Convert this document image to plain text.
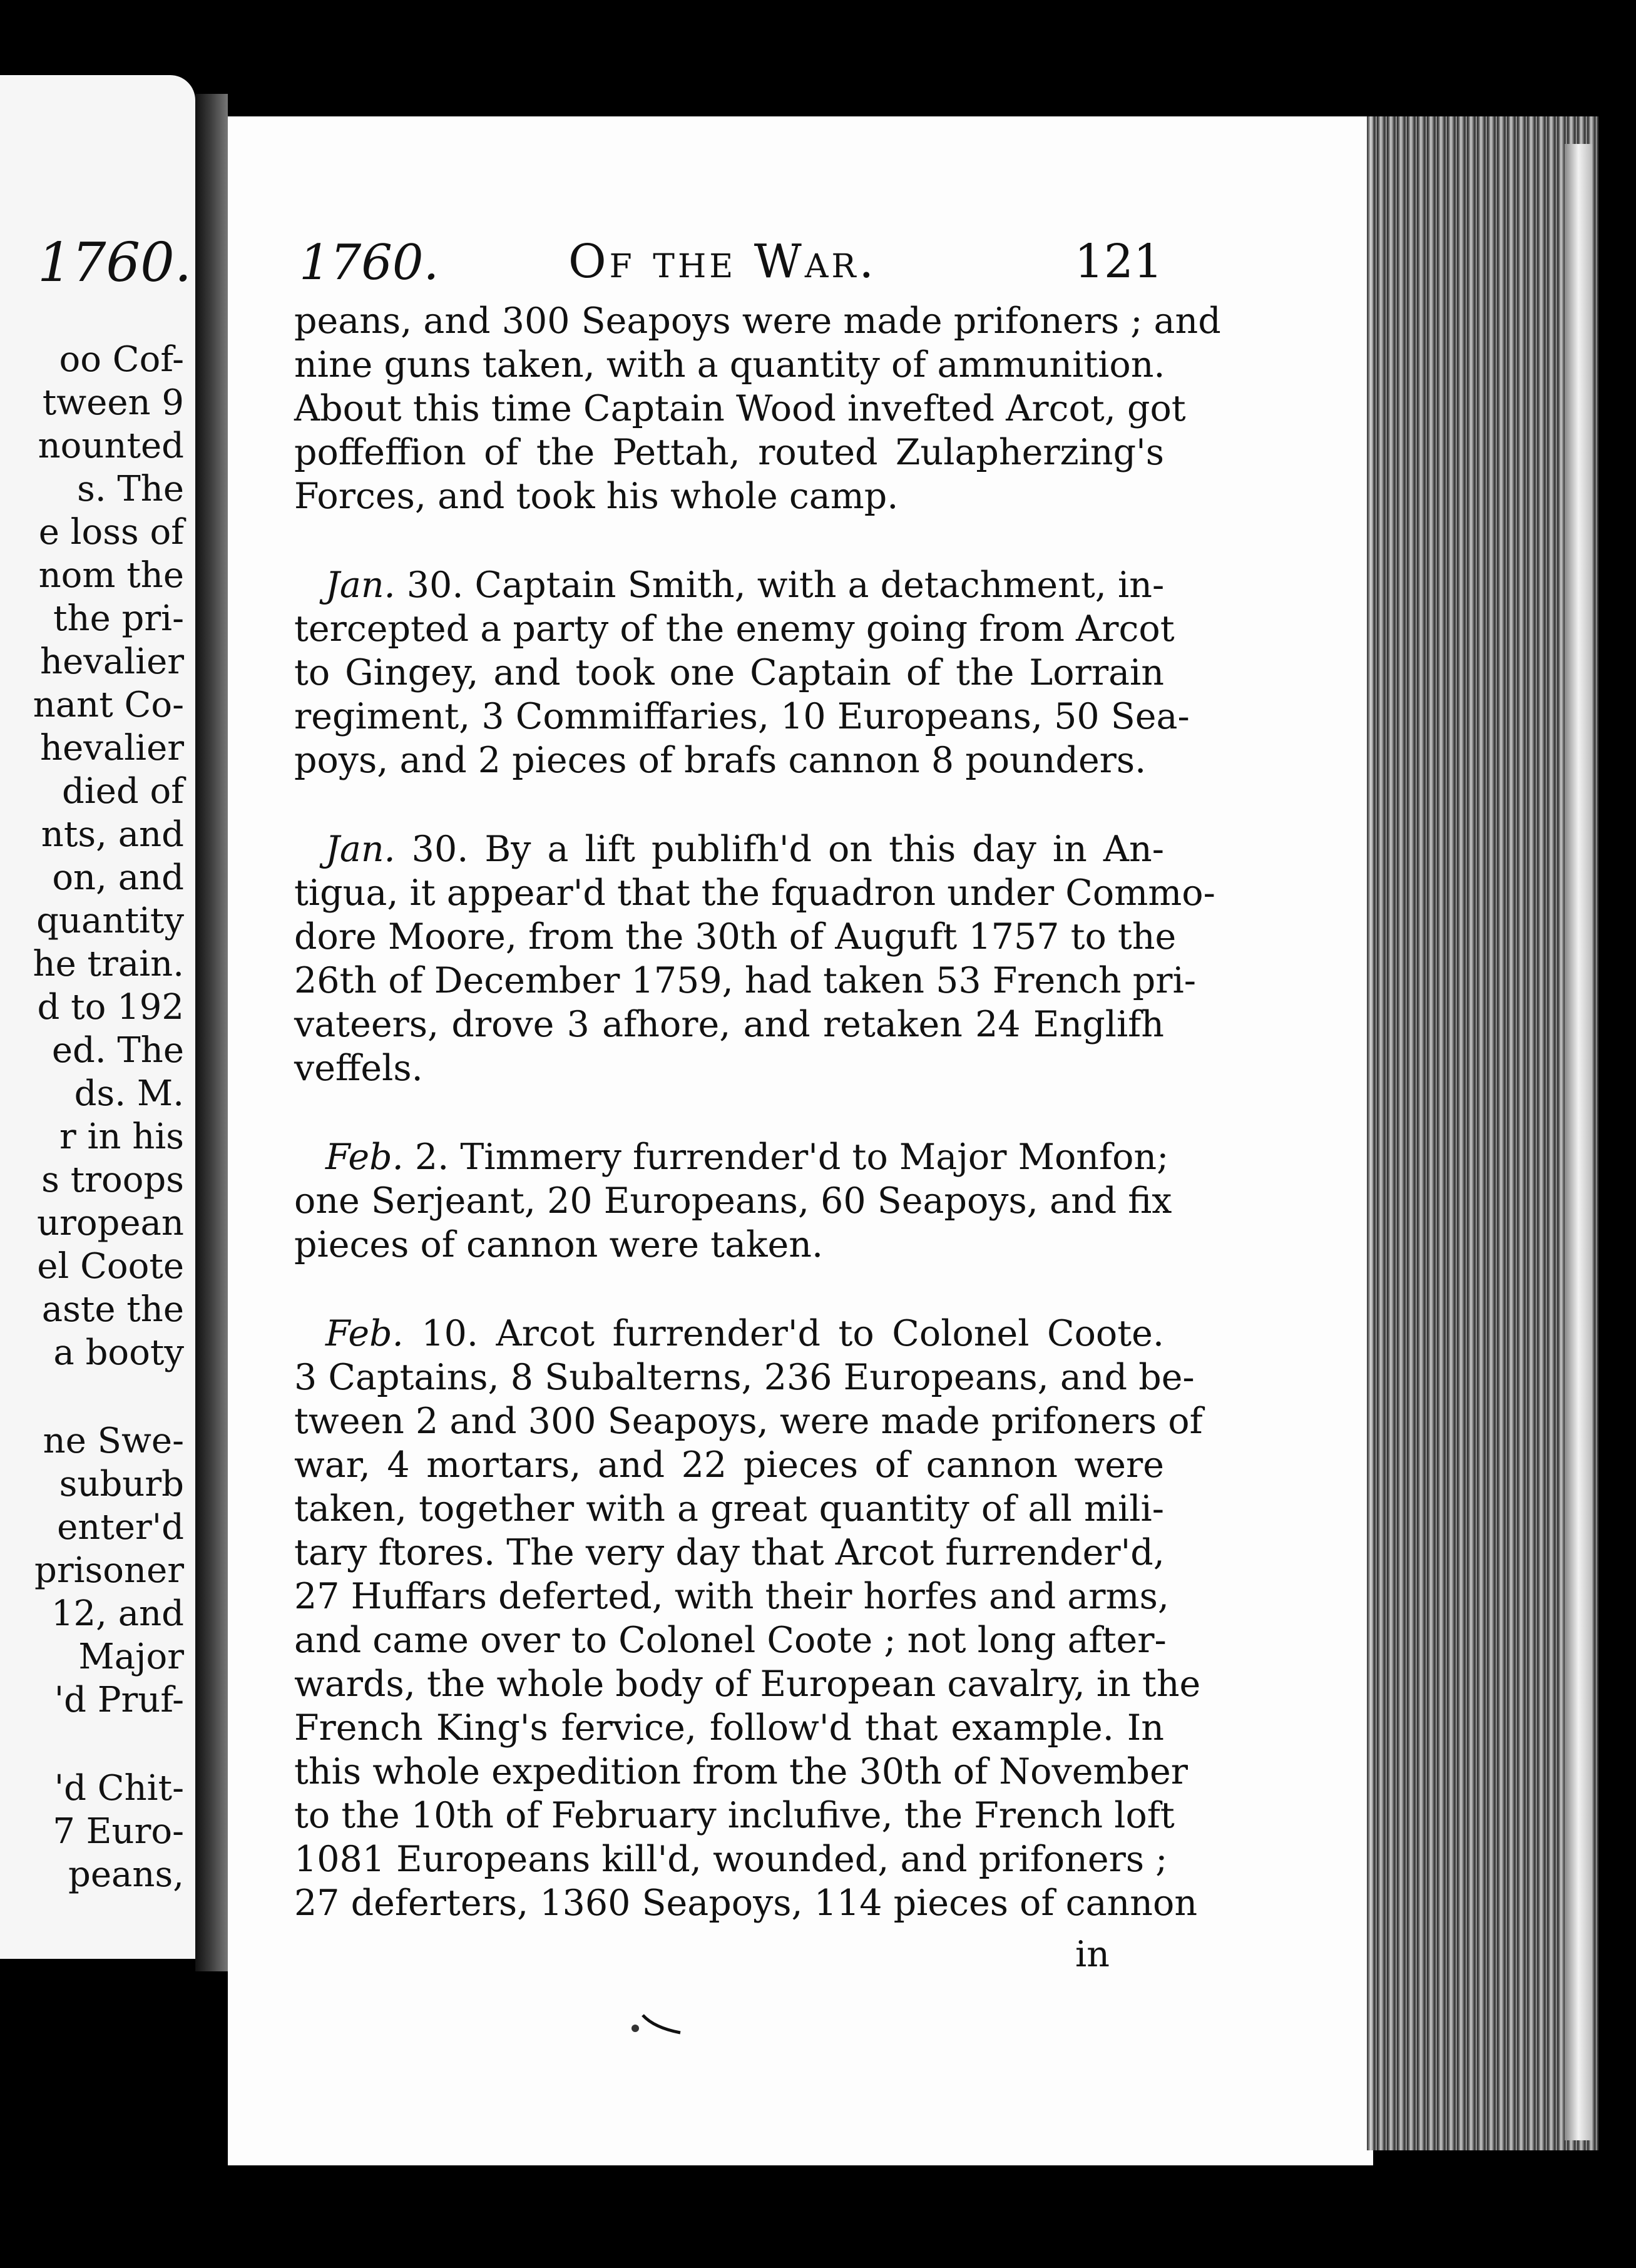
1760.
oo Cof-
tween 9
nounted
s. The
e loss of
nom the
the pri-
hevalier
nant Co-
hevalier
died of
nts, and
on, and
quantity
he train.
d to 192
ed. The
ds. M.
r in his
s troops
uropean
el Coote
aste the
a booty
ne Swe-
suburb
enter'd
prisoner
12, and
Major
'd Pruf-
'd Chit-
7 Euro-
peans,
1760.	Of the War.	121
peans, and 300 Seapoys were made prifoners ; and
nine guns taken, with a quantity of ammunition.
About this time Captain Wood invefted Arcot, got
poffeffion of the Pettah, routed Zulapherzing's
Forces, and took his whole camp.
Jan. 30. Captain Smith, with a detachment, in-
tercepted a party of the enemy going from Arcot
to Gingey, and took one Captain of the Lorrain
regiment, 3 Commiffaries, 10 Europeans, 50 Sea-
poys, and 2 pieces of brafs cannon 8 pounders.
Jan. 30. By a lift publifh'd on this day in An-
tigua, it appear'd that the fquadron under Commo-
dore Moore, from the 30th of Auguft 1757 to the
26th of December 1759, had taken 53 French pri-
vateers, drove 3 afhore, and retaken 24 Englifh
veffels.
Feb. 2. Timmery furrender'd to Major Monfon;
one Serjeant, 20 Europeans, 60 Seapoys, and fix
pieces of cannon were taken.
Feb. 10. Arcot furrender'd to Colonel Coote.
3 Captains, 8 Subalterns, 236 Europeans, and be-
tween 2 and 300 Seapoys, were made prifoners of
war, 4 mortars, and 22 pieces of cannon were
taken, together with a great quantity of all mili-
tary ftores. The very day that Arcot furrender'd,
27 Huffars deferted, with their horfes and arms,
and came over to Colonel Coote ; not long after-
wards, the whole body of European cavalry, in the
French King's fervice, follow'd that example. In
this whole expedition from the 30th of November
to the 10th of February inclufive, the French loft
1081 Europeans kill'd, wounded, and prifoners ;
27 deferters, 1360 Seapoys, 114 pieces of cannon
in
